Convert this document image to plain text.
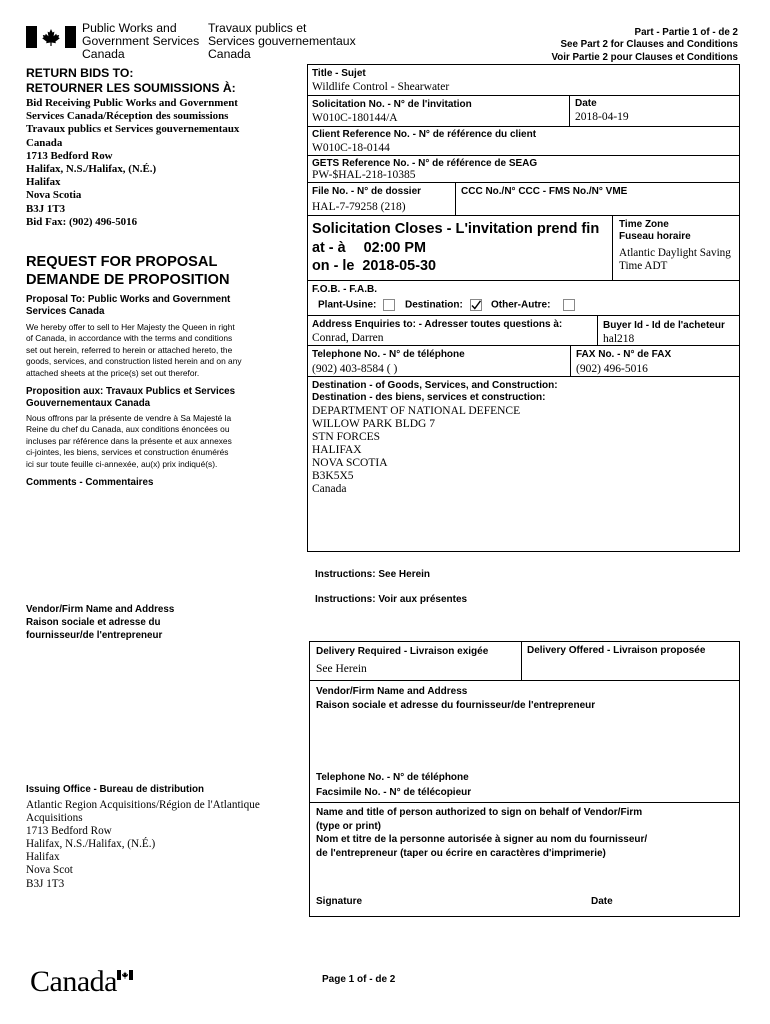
Public Works and
Government Services
Canada
Travaux publics et
Services gouvernementaux
Canada
Part - Partie 1 of - de 2
See Part 2 for Clauses and Conditions
Voir Partie 2 pour Clauses et Conditions
RETURN BIDS TO:
RETOURNER LES SOUMISSIONS À:
Bid Receiving Public Works and Government
Services Canada/Réception des soumissions
Travaux publics et Services gouvernementaux
Canada
1713 Bedford Row
Halifax, N.S./Halifax, (N.É.)
Halifax
Nova Scotia
B3J 1T3
Bid Fax: (902) 496-5016
REQUEST FOR PROPOSAL
DEMANDE DE PROPOSITION
Proposal To: Public Works and Government
Services Canada
We hereby offer to sell to Her Majesty the Queen in right
of Canada, in accordance with the terms and conditions
set out herein, referred to herein or attached hereto, the
goods, services, and construction listed herein and on any
attached sheets at the price(s) set out therefor.
Proposition aux: Travaux Publics et Services
Gouvernementaux Canada
Nous offrons par la présente de vendre à Sa Majesté la
Reine du chef du Canada, aux conditions énoncées ou
incluses par référence dans la présente et aux annexes
ci-jointes, les biens, services et construction énumérés
ici sur toute feuille ci-annexée, au(x) prix indiqué(s).
Comments - Commentaires
Vendor/Firm Name and Address
Raison sociale et adresse du
fournisseur/de l'entrepreneur
Issuing Office - Bureau de distribution
Atlantic Region Acquisitions/Région de l'Atlantique
Acquisitions
1713 Bedford Row
Halifax, N.S./Halifax, (N.É.)
Halifax
Nova Scot
B3J 1T3
Title - Sujet
Wildlife Control - Shearwater
Solicitation No. - N° de l'invitation
W010C-180144/A
Date
2018-04-19
Client Reference No. - N° de référence du client
W010C-18-0144
GETS Reference No. - N° de référence de SEAG
PW-$HAL-218-10385
File No. - N° de dossier
HAL-7-79258 (218)
CCC No./N° CCC - FMS No./N° VME
Solicitation Closes - L'invitation prend fin
at - à 02:00 PM
on - le 2018-05-30
Time Zone
Fuseau horaire
Atlantic Daylight Saving
Time ADT
F.O.B. - F.A.B.
Plant-Usine:	Destination:	Other-Autre:
Address Enquiries to: - Adresser toutes questions à:
Conrad, Darren
Buyer Id - Id de l'acheteur
hal218
Telephone No. - N° de téléphone
(902) 403-8584 ( )
FAX No. - N° de FAX
(902) 496-5016
Destination - of Goods, Services, and Construction:
Destination - des biens, services et construction:
DEPARTMENT OF NATIONAL DEFENCE
WILLOW PARK BLDG 7
STN FORCES
HALIFAX
NOVA SCOTIA
B3K5X5
Canada
Instructions: See Herein
Instructions: Voir aux présentes
Delivery Required - Livraison exigée
See Herein
Delivery Offered - Livraison proposée
Vendor/Firm Name and Address
Raison sociale et adresse du fournisseur/de l'entrepreneur
Telephone No. - N° de téléphone
Facsimile No. - N° de télécopieur
Name and title of person authorized to sign on behalf of Vendor/Firm
(type or print)
Nom et titre de la personne autorisée à signer au nom du fournisseur/
de l'entrepreneur (taper ou écrire en caractères d'imprimerie)
Signature	Date
Canada	Page 1 of - de 2
